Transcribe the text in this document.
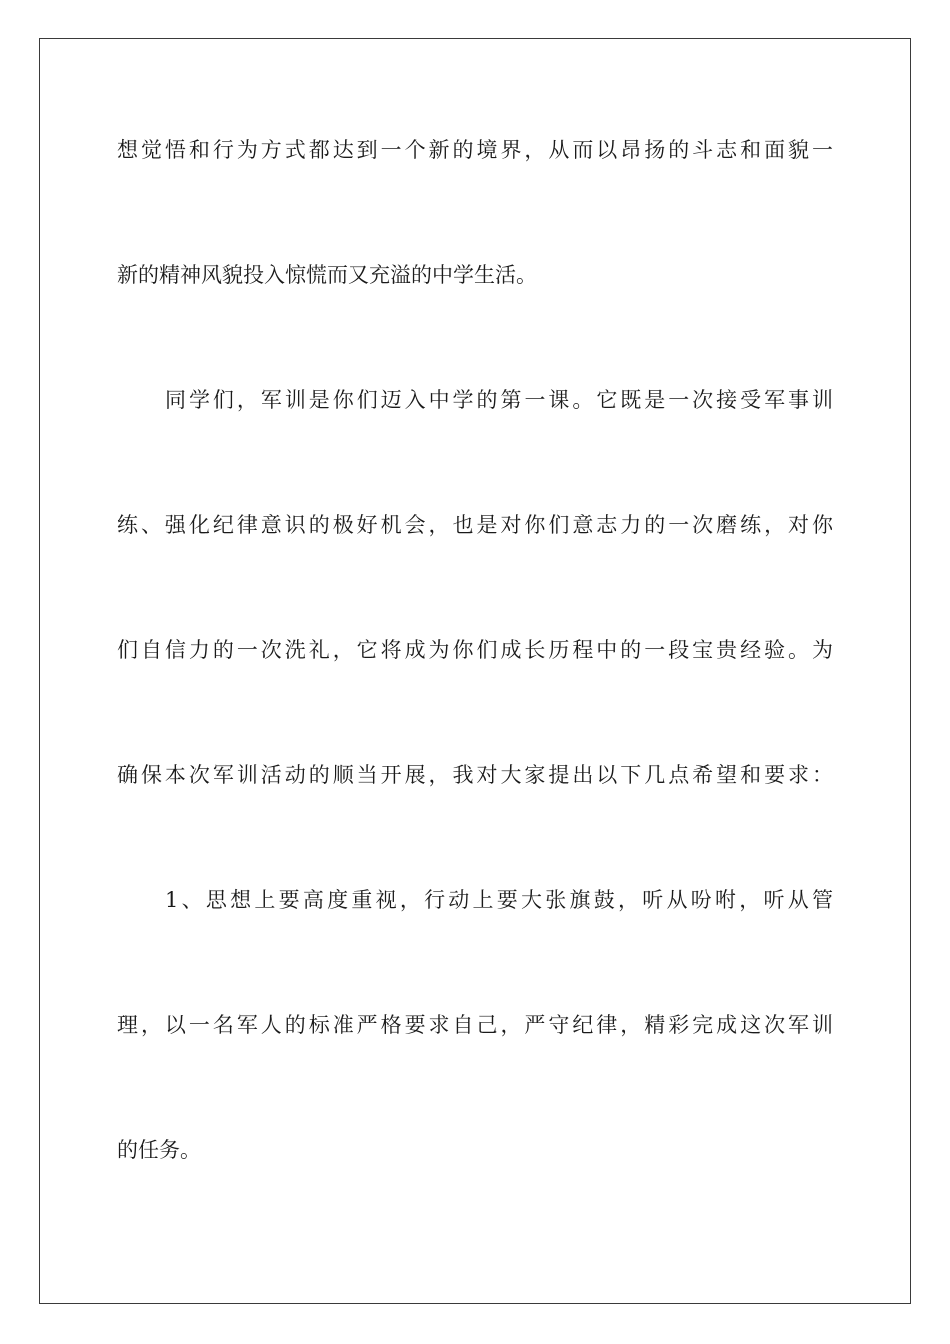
想觉悟和行为方式都达到一个新的境界，从而以昂扬的斗志和面貌一
新的精神风貌投入惊慌而又充溢的中学生活。
同学们，军训是你们迈入中学的第一课。它既是一次接受军事训
练、强化纪律意识的极好机会，也是对你们意志力的一次磨练，对你
们自信力的一次洗礼，它将成为你们成长历程中的一段宝贵经验。为
确保本次军训活动的顺当开展，我对大家提出以下几点希望和要求：
1、思想上要高度重视，行动上要大张旗鼓，听从吩咐，听从管
理，以一名军人的标准严格要求自己，严守纪律，精彩完成这次军训
的任务。
